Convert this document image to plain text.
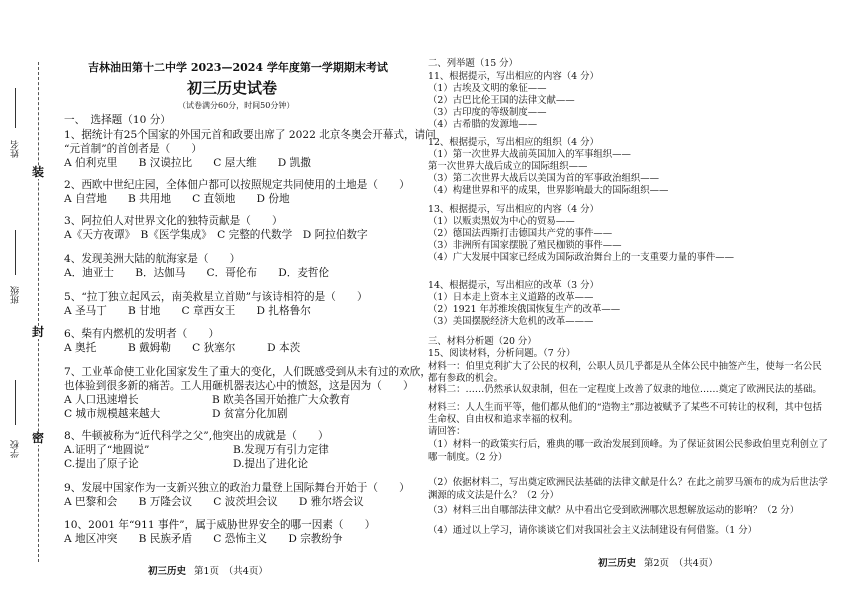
装
封
密
姓名
班级
学校
吉林油田第十二中学 2023—2024 学年度第一学期期末考试
初三历史试卷
（试卷满分60分，时间50分钟）
一、　选择题（10 分）
1、据统计有25个国家的外国元首和政要出席了 2022 北京冬奥会开幕式，请问
“元首制”的首创者是（　　）
A 伯利克里　　B 汉谟拉比　　C 屋大维　　D 凯撒
2、西欧中世纪庄园，全体佃户都可以按照规定共同使用的土地是（　　）
A 自营地　　B 共用地　　C 直领地　　D 份地
3、阿拉伯人对世界文化的独特贡献是（　　）
A《天方夜谭》　B《医学集成》　C 完整的代数学　D 阿拉伯数字
4、发现美洲大陆的航海家是（　　）
A．迪亚士　　B．达伽马　　C．哥伦布　　D．麦哲伦
5、“拉丁独立起风云，南美救星立首勋”与该诗相符的是（　　）
A 圣马丁　　B 甘地　　C 章西女王　　D 扎格鲁尔
6、柴有内燃机的发明者（　　）
A 奥托　　　B 戴姆勒　　C 狄塞尔　　　D 本茨
7、工业革命使工业化国家发生了重大的变化，人们既感受到从未有过的欢欣，
也体验到很多新的痛苦。工人用砸机器表达心中的愤怒，这是因为（　　）
A 人口迅速增长	B 欧美各国开始推广大众教育
C 城市规模越来越大	D 贫富分化加剧
8、牛顿被称为“近代科学之父”,他突出的成就是（　　）
A.证明了“地圆说”	B.发现万有引力定律
C.提出了原子论	D.提出了进化论
9、发展中国家作为一支新兴独立的政治力量登上国际舞台开始于（　　）
A 巴黎和会　　B 万隆会议　　C 波茨坦会议　　D 雅尔塔会议
10、2001 年“911 事件”，属于威胁世界安全的哪一因素（　　）
A 地区冲突　　B 民族矛盾　　C 恐怖主义　　D 宗教纷争
初三历史 第1页　（共4页）
二、列举题（15 分）
11、根据提示，写出相应的内容（4 分）
（1）古埃及文明的象征——
（2）古巴比伦王国的法律文献——
（3）古印度的等级制度——
（4）古希腊的发源地——
12、根据提示，写出相应的组织（4 分）
（1）第一次世界大战前英国加入的军事组织——
第一次世界大战后成立的国际组织——
（3）第二次世界大战后以美国为首的军事政治组织——
（4）构建世界和平的成果，世界影响最大的国际组织——
13、根据提示，写出相应的内容（4 分）
（1）以贩卖黑奴为中心的贸易——
（2）德国法西斯打击德国共产党的事件——
（3）非洲所有国家摆脱了殖民枷锁的事件——
（4）广大发展中国家已经成为国际政治舞台上的一支重要力量的事件——
14、根据提示，写出相应的改革（3 分）
（1）日本走上资本主义道路的改革——
（2）1921 年苏维埃俄国恢复生产的改革——
（3）美国摆脱经济大危机的改革———
三、材料分析题（20 分）
15、阅读材料，分析问题。（7 分）
材料一：伯里克利扩大了公民的权利，公职人员几乎都是从全体公民中抽签产生，使每一名公民
都有参政的机会。
材料二：……仍然承认奴隶制，但在一定程度上改善了奴隶的地位……奠定了欧洲民法的基础。
材料三：人人生而平等，他们都从他们的“造物主”那边被赋予了某些不可转让的权利，其中包括
生命权、自由权和追求幸福的权利。
请回答：
（1）材料一的政策实行后，雅典的哪一政治发展到顶峰。为了保证贫困公民参政伯里克利创立了
哪一制度。（2 分）
（2）依据材料二，写出奠定欧洲民法基础的法律文献是什么？在此之前罗马颁布的成为后世法学
渊源的成文法是什么？（2 分）
（3）材料三出自哪部法律文献？从中看出它受到欧洲哪次思想解放运动的影响？（2 分）
（4）通过以上学习，请你谈谈它们对我国社会主义法制建设有何借鉴。（1 分）
初三历史 第2页　（共4页）
